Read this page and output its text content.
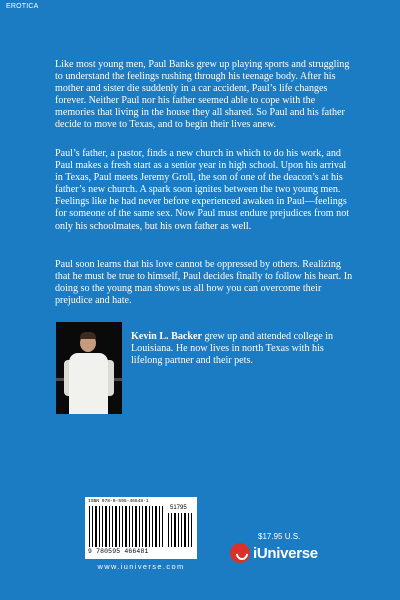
EROTICA

Like most young men, Paul Banks grew up playing sports and struggling to understand the feelings rushing through his teenage body. After his mother and sister die suddenly in a car accident, Paul’s life changes forever. Neither Paul nor his father seemed able to cope with the memories that living in the house they all shared. So Paul and his father decide to move to Texas, and to begin their lives anew.

Paul’s father, a pastor, finds a new church in which to do his work, and Paul makes a fresh start as a senior year in high school. Upon his arrival in Texas, Paul meets Jeremy Groll, the son of one of the deacon’s at his father’s new church. A spark soon ignites between the two young men. Feelings like he had never before experienced awaken in Paul—feelings for someone of the same sex. Now Paul must endure prejudices from not only his schoolmates, but his own father as well.

Paul soon learns that his love cannot be oppressed by others. Realizing that he must be true to himself, Paul decides finally to follow his heart. In doing so the young man shows us all how you can overcome their prejudice and hate.

Kevin L. Backer grew up and attended college in Louisiana. He now lives in north Texas with his lifelong partner and their pets.

ISBN 978-0-595-46648-1
51795
9 780595 466481
www.iuniverse.com
$17.95 U.S.
iUniverse
